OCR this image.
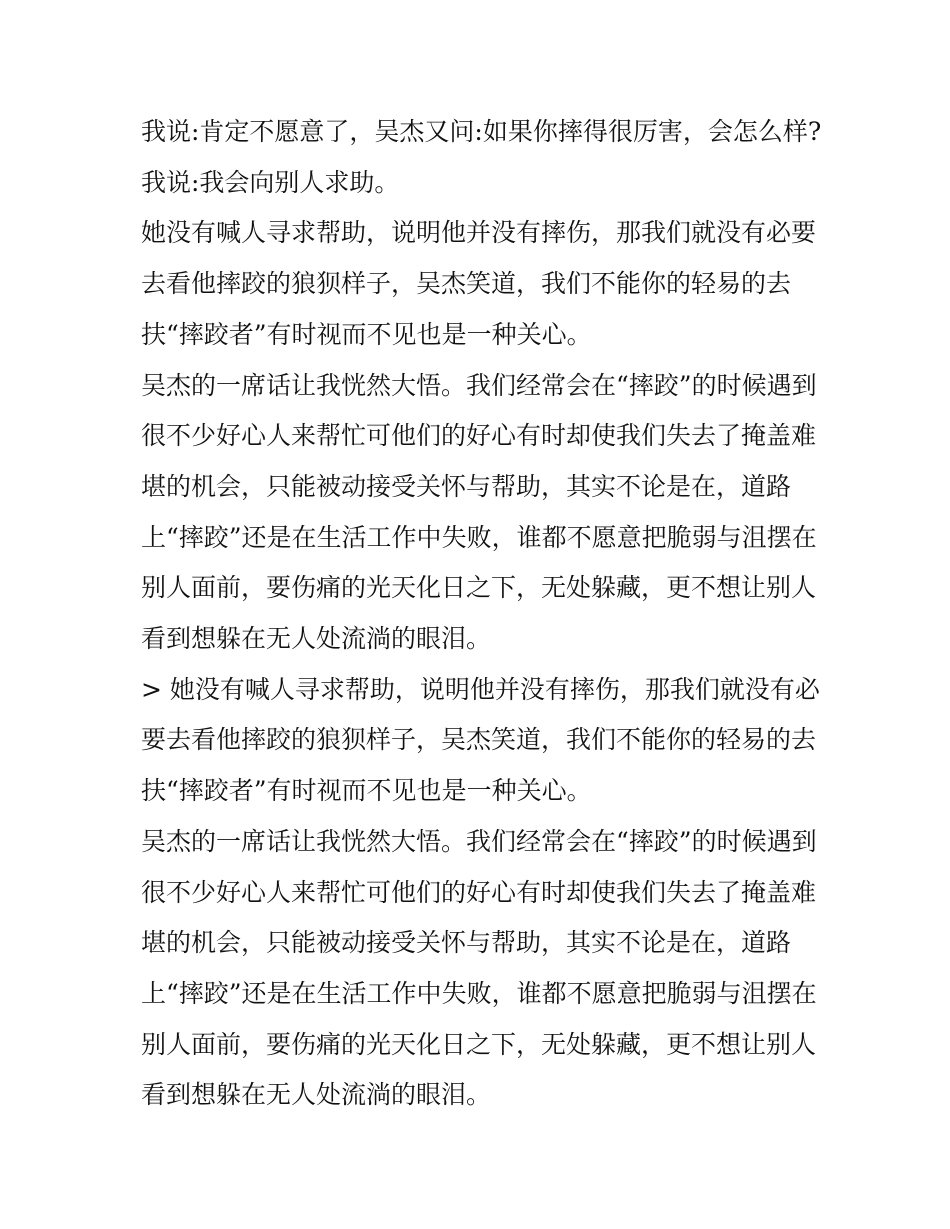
我说:肯定不愿意了，吴杰又问:如果你摔得很厉害，会怎么样?
我说:我会向别人求助。
她没有喊人寻求帮助，说明他并没有摔伤，那我们就没有必要
去看他摔跤的狼狈样子，吴杰笑道，我们不能你的轻易的去
扶“摔跤者”有时视而不见也是一种关心。
吴杰的一席话让我恍然大悟。我们经常会在“摔跤”的时候遇到
很不少好心人来帮忙可他们的好心有时却使我们失去了掩盖难
堪的机会，只能被动接受关怀与帮助，其实不论是在，道路
上“摔跤”还是在生活工作中失败，谁都不愿意把脆弱与沮摆在
别人面前，要伤痛的光天化日之下，无处躲藏，更不想让别人
看到想躲在无人处流淌的眼泪。
> 她没有喊人寻求帮助，说明他并没有摔伤，那我们就没有必
要去看他摔跤的狼狈样子，吴杰笑道，我们不能你的轻易的去
扶“摔跤者”有时视而不见也是一种关心。
吴杰的一席话让我恍然大悟。我们经常会在“摔跤”的时候遇到
很不少好心人来帮忙可他们的好心有时却使我们失去了掩盖难
堪的机会，只能被动接受关怀与帮助，其实不论是在，道路
上“摔跤”还是在生活工作中失败，谁都不愿意把脆弱与沮摆在
别人面前，要伤痛的光天化日之下，无处躲藏，更不想让别人
看到想躲在无人处流淌的眼泪。
